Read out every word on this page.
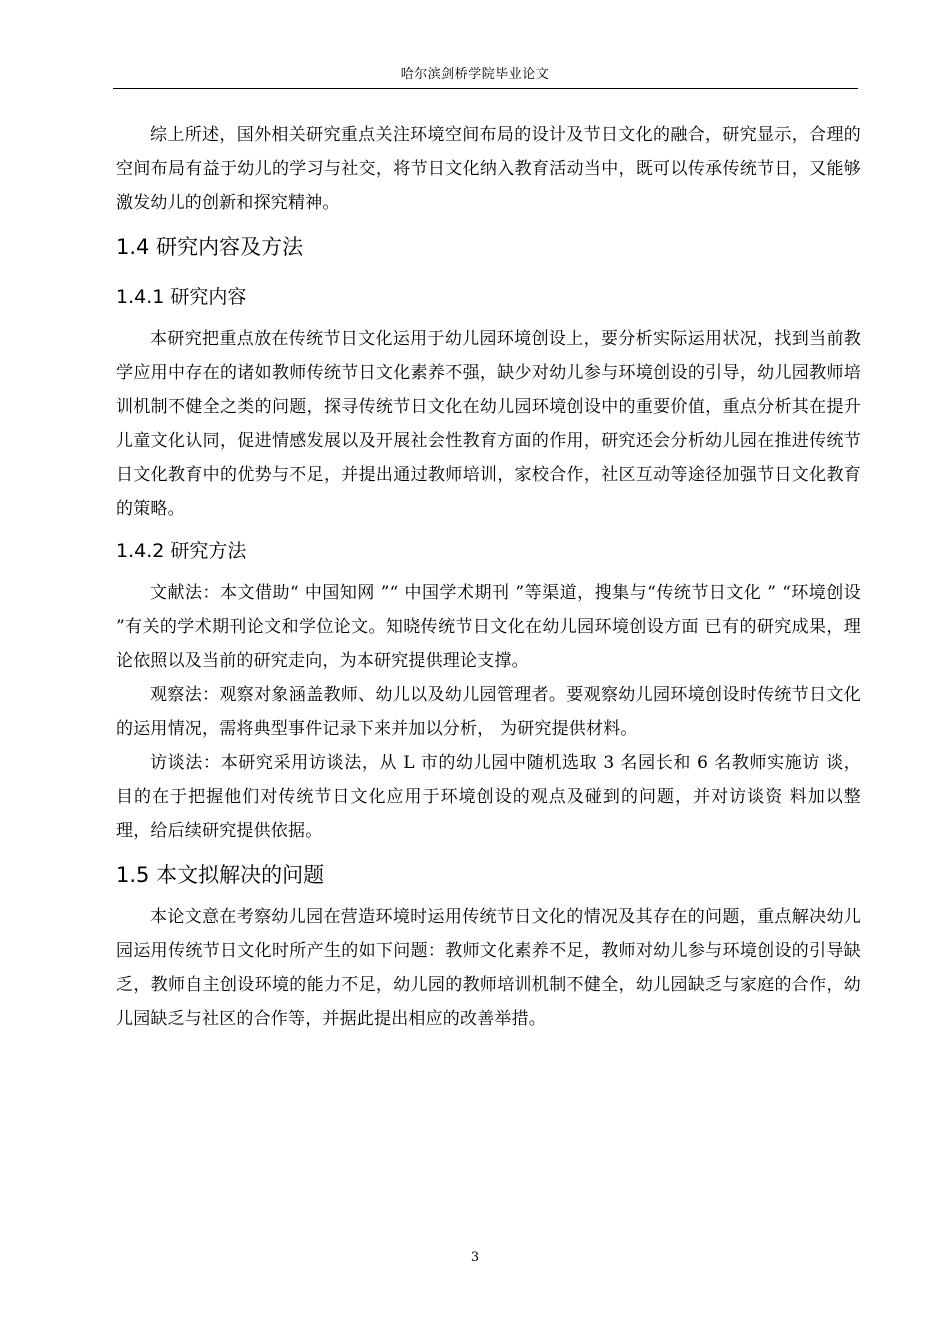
哈尔滨剑桥学院毕业论文

综上所述，国外相关研究重点关注环境空间布局的设计及节日文化的融合，研究显示，合理的空间布局有益于幼儿的学习与社交，将节日文化纳入教育活动当中，既可以传承传统节日，又能够激发幼儿的创新和探究精神。

1.4 研究内容及方法
1.4.1 研究内容

本研究把重点放在传统节日文化运用于幼儿园环境创设上，要分析实际运用状况，找到当前教学应用中存在的诸如教师传统节日文化素养不强，缺少对幼儿参与环境创设的引导，幼儿园教师培训机制不健全之类的问题，探寻传统节日文化在幼儿园环境创设中的重要价值，重点分析其在提升儿童文化认同，促进情感发展以及开展社会性教育方面的作用，研究还会分析幼儿园在推进传统节日文化教育中的优势与不足，并提出通过教师培训，家校合作，社区互动等途径加强节日文化教育的策略。

1.4.2 研究方法

文献法：本文借助“ 中国知网 ”“ 中国学术期刊 ”等渠道，搜集与“传统节日文化 ” “环境创设 ”有关的学术期刊论文和学位论文。知晓传统节日文化在幼儿园环境创设方面 已有的研究成果，理论依照以及当前的研究走向，为本研究提供理论支撑。

观察法：观察对象涵盖教师、幼儿以及幼儿园管理者。要观察幼儿园环境创设时传统节日文化的运用情况，需将典型事件记录下来并加以分析， 为研究提供材料。

访谈法：本研究采用访谈法，从 L 市的幼儿园中随机选取 3 名园长和 6 名教师实施访 谈， 目的在于把握他们对传统节日文化应用于环境创设的观点及碰到的问题，并对访谈资 料加以整理，给后续研究提供依据。

1.5 本文拟解决的问题

本论文意在考察幼儿园在营造环境时运用传统节日文化的情况及其存在的问题，重点解决幼儿园运用传统节日文化时所产生的如下问题：教师文化素养不足，教师对幼儿参与环境创设的引导缺乏，教师自主创设环境的能力不足，幼儿园的教师培训机制不健全，幼儿园缺乏与家庭的合作，幼儿园缺乏与社区的合作等，并据此提出相应的改善举措。

3
